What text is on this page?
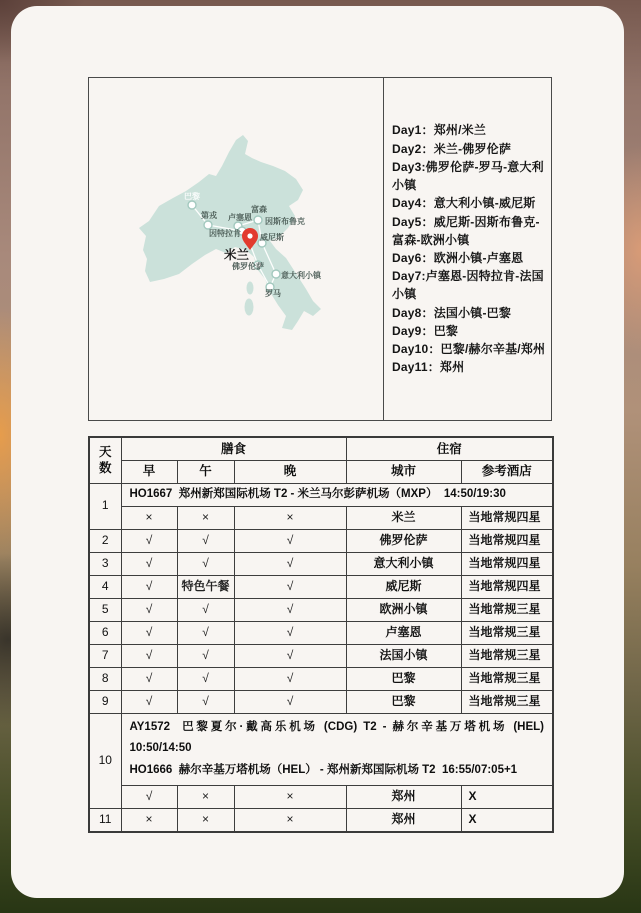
巴黎
第戎 卢塞恩
富森
因斯布鲁克
因特拉肯 威尼斯
佛罗伦萨
意大利小镇
罗马
米兰
Day1：郑州/米兰
Day2：米兰-佛罗伦萨
Day3:佛罗伦萨-罗马-意大利小镇
Day4：意大利小镇-威尼斯
Day5：威尼斯-因斯布鲁克-富森-欧洲小镇
Day6：欧洲小镇-卢塞恩
Day7:卢塞恩-因特拉肯-法国小镇
Day8：法国小镇-巴黎
Day9：巴黎
Day10：巴黎/赫尔辛基/郑州
Day11：郑州
天数	膳食			住宿	
	早	午	晚	城市	参考酒店
1	HO1667  郑州新郑国际机场 T2 - 米兰马尔彭萨机场（MXP）  14:50/19:30				
	×	×	×	米兰	当地常规四星
2	√	√	√	佛罗伦萨	当地常规四星
3	√	√	√	意大利小镇	当地常规四星
4	√	特色午餐	√	威尼斯	当地常规四星
5	√	√	√	欧洲小镇	当地常规三星
6	√	√	√	卢塞恩	当地常规三星
7	√	√	√	法国小镇	当地常规三星
8	√	√	√	巴黎	当地常规三星
9	√	√	√	巴黎	当地常规三星
10	AY1572  巴黎夏尔·戴高乐机场 (CDG) T2 - 赫尔辛基万塔机场 (HEL)
10:50/14:50
HO1666  赫尔辛基万塔机场（HEL） - 郑州新郑国际机场 T2  16:55/07:05+1				

	√	×	×	郑州	X
11	×	×	×	郑州	X
